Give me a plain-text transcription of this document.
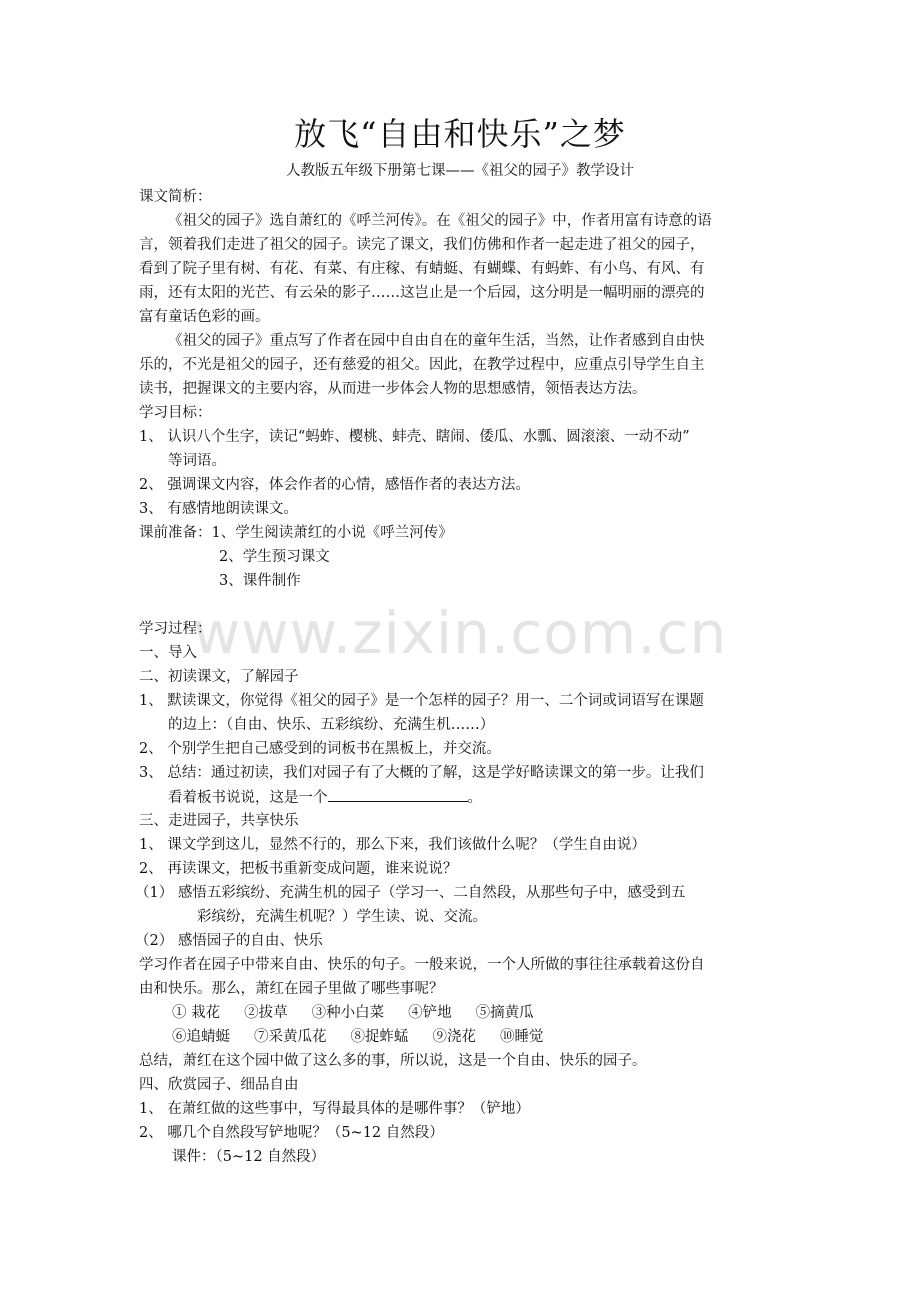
放飞“自由和快乐”之梦
人教版五年级下册第七课——《祖父的园子》教学设计
课文简析：
《祖父的园子》选自萧红的《呼兰河传》。在《祖父的园子》中，作者用富有诗意的语
言，领着我们走进了祖父的园子。读完了课文，我们仿佛和作者一起走进了祖父的园子，
看到了院子里有树、有花、有菜、有庄稼、有蜻蜓、有蝴蝶、有蚂蚱、有小鸟、有风、有
雨，还有太阳的光芒、有云朵的影子……这岂止是一个后园，这分明是一幅明丽的漂亮的
富有童话色彩的画。
《祖父的园子》重点写了作者在园中自由自在的童年生活，当然，让作者感到自由快
乐的，不光是祖父的园子，还有慈爱的祖父。因此，在教学过程中，应重点引导学生自主
读书，把握课文的主要内容，从而进一步体会人物的思想感情，领悟表达方法。
学习目标：
1、 认识八个生字，读记“蚂蚱、樱桃、蚌壳、瞎闹、倭瓜、水瓢、圆滚滚、一动不动”
等词语。
2、 强调课文内容，体会作者的心情，感悟作者的表达方法。
3、 有感情地朗读课文。
课前准备：1、学生阅读萧红的小说《呼兰河传》
2、学生预习课文
3、课件制作
www.zixin.com.cn
学习过程：
一、导入
二、初读课文，了解园子
1、 默读课文，你觉得《祖父的园子》是一个怎样的园子？用一、二个词或词语写在课题
的边上：（自由、快乐、五彩缤纷、充满生机……）
2、 个别学生把自己感受到的词板书在黑板上，并交流。
3、 总结：通过初读，我们对园子有了大概的了解，这是学好略读课文的第一步。让我们
看着板书说说，这是一个	。
三、走进园子，共享快乐
1、 课文学到这儿，显然不行的，那么下来，我们该做什么呢？（学生自由说）
2、 再读课文，把板书重新变成问题，谁来说说？
（1） 感悟五彩缤纷、充满生机的园子（学习一、二自然段，从那些句子中，感受到五
彩缤纷，充满生机呢？）学生读、说、交流。
（2） 感悟园子的自由、快乐
学习作者在园子中带来自由、快乐的句子。一般来说，一个人所做的事往往承载着这份自
由和快乐。那么，萧红在园子里做了哪些事呢？
① 栽花 ②拔草 ③种小白菜 ④铲地 ⑤摘黄瓜
⑥追蜻蜓 ⑦采黄瓜花 ⑧捉蚱蜢 ⑨浇花 ⑩睡觉
总结，萧红在这个园中做了这么多的事，所以说，这是一个自由、快乐的园子。
四、欣赏园子、细品自由
1、 在萧红做的这些事中，写得最具体的是哪件事？（铲地）
2、 哪几个自然段写铲地呢？（5~12 自然段）
课件：（5~12 自然段）
